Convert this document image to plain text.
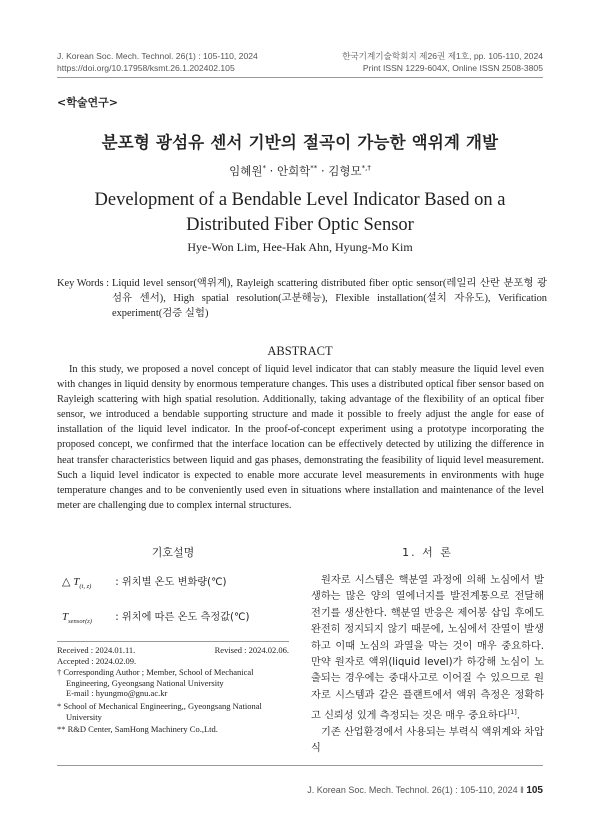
J. Korean Soc. Mech. Technol. 26(1) : 105-110, 2024
https://doi.org/10.17958/ksmt.26.1.202402.105
한국기계기술학회지 제26권 제1호, pp. 105-110, 2024
Print ISSN 1229-604X, Online ISSN 2508-3805
<학술연구>
분포형 광섬유 센서 기반의 절곡이 가능한 액위계 개발
임혜원* · 안희학** · 김형모*,†
Development of a Bendable Level Indicator Based on a
Distributed Fiber Optic Sensor
Hye-Won Lim, Hee-Hak Ahn, Hyung-Mo Kim
Key Words : Liquid level sensor(액위계), Rayleigh scattering distributed fiber optic sensor(레일리 산란 분포형 광섬유 센서), High spatial resolution(고분해능), Flexible installation(설치 자유도), Verification experiment(검증 실험)
ABSTRACT

In this study, we proposed a novel concept of liquid level indicator that can stably measure the liquid level even with changes in liquid density by enormous temperature changes. This uses a distributed optical fiber sensor based on Rayleigh scattering with high spatial resolution. Additionally, taking advantage of the flexibility of an optical fiber sensor, we introduced a bendable supporting structure and made it possible to freely adjust the angle for ease of installation of the liquid level indicator. In the proof-of-concept experiment using a prototype incorporating the proposed concept, we confirmed that the interface location can be effectively detected by utilizing the difference in heat transfer characteristics between liquid and gas phases, demonstrating the feasibility of liquid level measurement. Such a liquid level indicator is expected to enable more accurate level measurements in environments with huge temperature changes and to be conveniently used even in situations where installation and maintenance of the level meter are challenging due to complex internal structures.

기호설명	1. 서 론
△ $T_{(t, z)}$ : 위치별 온도 변화량(℃)
$T_{sensor(z)}$ : 위치에 따른 온도 측정값(℃)
Received : 2024.01.11.	Revised : 2024.02.06.
Accepted : 2024.02.09.
† Corresponding Author ; Member, School of Mechanical Engineering, Gyeongsang National University
E-mail : hyungmo@gnu.ac.kr
* School of Mechanical Engineering,, Gyeongsang National University
** R&D Center, SamHong Machinery Co.,Ltd.

원자로 시스템은 핵분열 과정에 의해 노심에서 발생하는 많은 양의 열에너지를 발전계통으로 전달해 전기를 생산한다. 핵분열 반응은 제어봉 삽입 후에도 완전히 정지되지 않기 때문에, 노심에서 잔열이 발생하고 이때 노심의 과열을 막는 것이 매우 중요하다. 만약 원자로 액위(liquid level)가 하강해 노심이 노출되는 경우에는 중대사고로 이어질 수 있으므로 원자로 시스템과 같은 플랜트에서 액위 측정은 정확하고 신뢰성 있게 측정되는 것은 매우 중요하다[1].

기존 산업환경에서 사용되는 부력식 액위계와 차압식

J. Korean Soc. Mech. Technol. 26(1) : 105-110, 2024 ‖ 105
